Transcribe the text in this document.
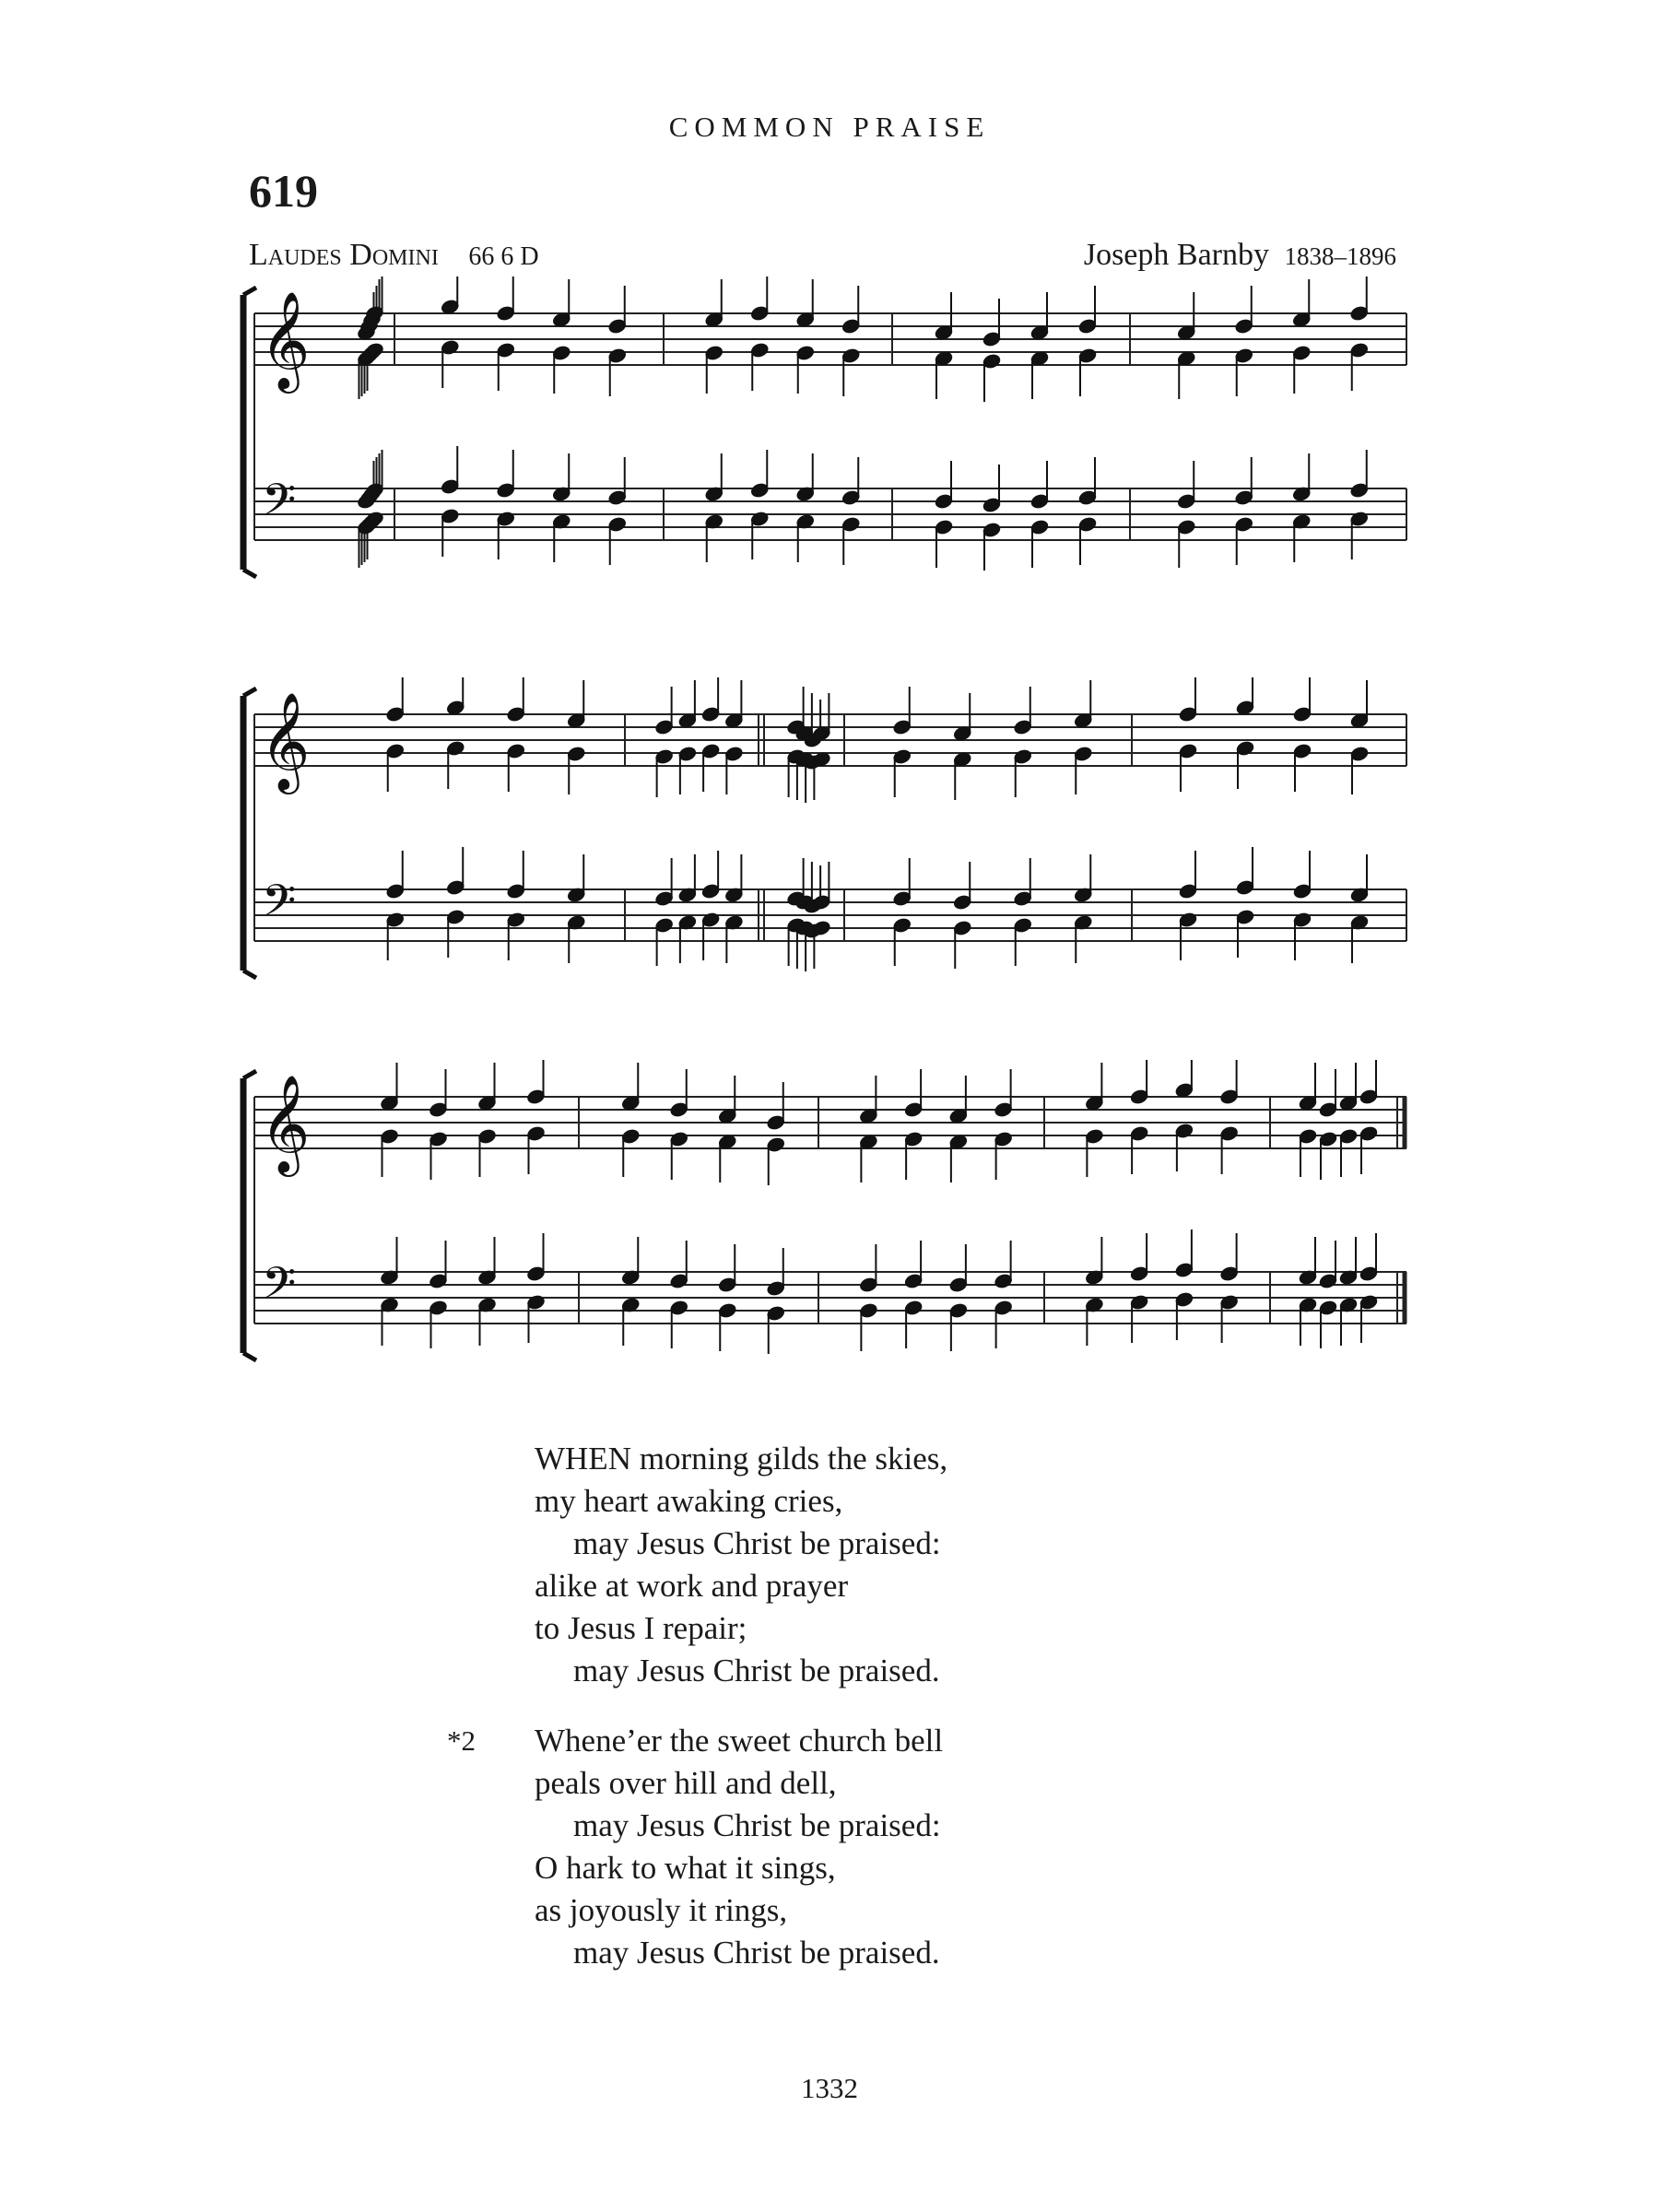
COMMON PRAISE
619
Laudes Domini 66 6 D	Joseph Barnby 1838–1896
𝄞
𝄢
𝄞
𝄢
𝄞
𝄢
WHEN morning gilds the skies,
my heart awaking cries,
may Jesus Christ be praised:
alike at work and prayer
to Jesus I repair;
may Jesus Christ be praised.
*2 Whene’er the sweet church bell
peals over hill and dell,
may Jesus Christ be praised:
O hark to what it sings,
as joyously it rings,
may Jesus Christ be praised.
1332
